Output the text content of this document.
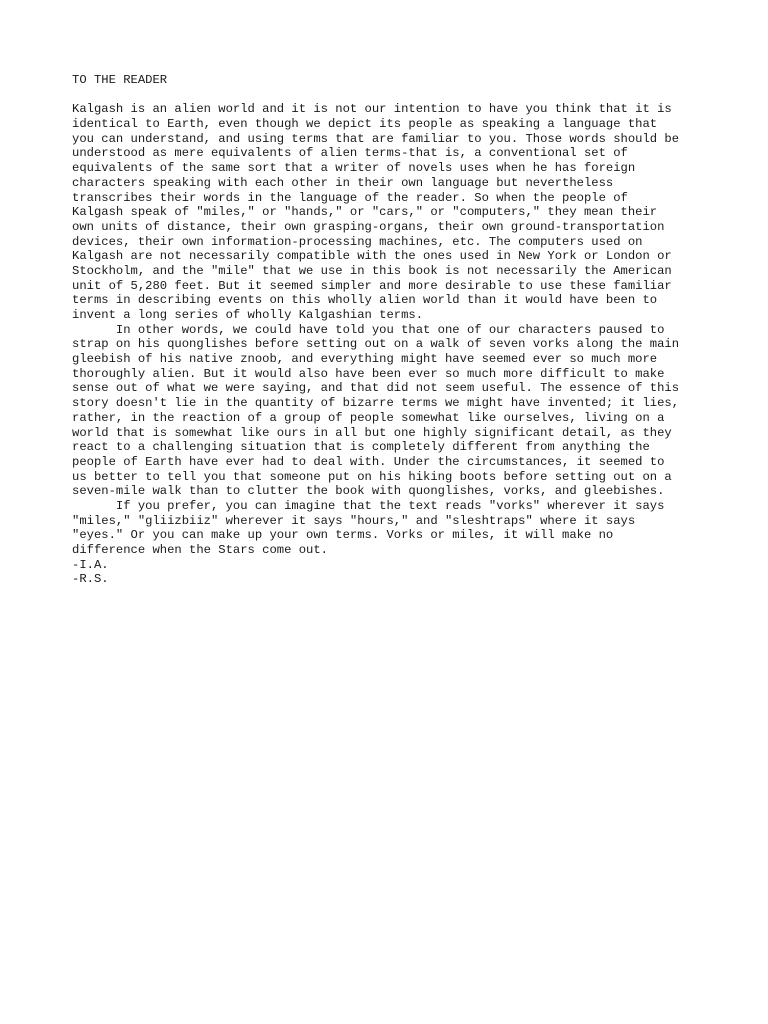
TO THE READER
Kalgash is an alien world and it is not our intention to have you think that it is
identical to Earth, even though we depict its people as speaking a language that
you can understand, and using terms that are familiar to you. Those words should be
understood as mere equivalents of alien terms-that is, a conventional set of
equivalents of the same sort that a writer of novels uses when he has foreign
characters speaking with each other in their own language but nevertheless
transcribes their words in the language of the reader. So when the people of
Kalgash speak of "miles," or "hands," or "cars," or "computers," they mean their
own units of distance, their own grasping-organs, their own ground-transportation
devices, their own information-processing machines, etc. The computers used on
Kalgash are not necessarily compatible with the ones used in New York or London or
Stockholm, and the "mile" that we use in this book is not necessarily the American
unit of 5,280 feet. But it seemed simpler and more desirable to use these familiar
terms in describing events on this wholly alien world than it would have been to
invent a long series of wholly Kalgashian terms.
In other words, we could have told you that one of our characters paused to
strap on his quonglishes before setting out on a walk of seven vorks along the main
gleebish of his native znoob, and everything might have seemed ever so much more
thoroughly alien. But it would also have been ever so much more difficult to make
sense out of what we were saying, and that did not seem useful. The essence of this
story doesn't lie in the quantity of bizarre terms we might have invented; it lies,
rather, in the reaction of a group of people somewhat like ourselves, living on a
world that is somewhat like ours in all but one highly significant detail, as they
react to a challenging situation that is completely different from anything the
people of Earth have ever had to deal with. Under the circumstances, it seemed to
us better to tell you that someone put on his hiking boots before setting out on a
seven-mile walk than to clutter the book with quonglishes, vorks, and gleebishes.
If you prefer, you can imagine that the text reads "vorks" wherever it says
"miles," "gliizbiiz" wherever it says "hours," and "sleshtraps" where it says
"eyes." Or you can make up your own terms. Vorks or miles, it will make no
difference when the Stars come out.
-I.A.
-R.S.
